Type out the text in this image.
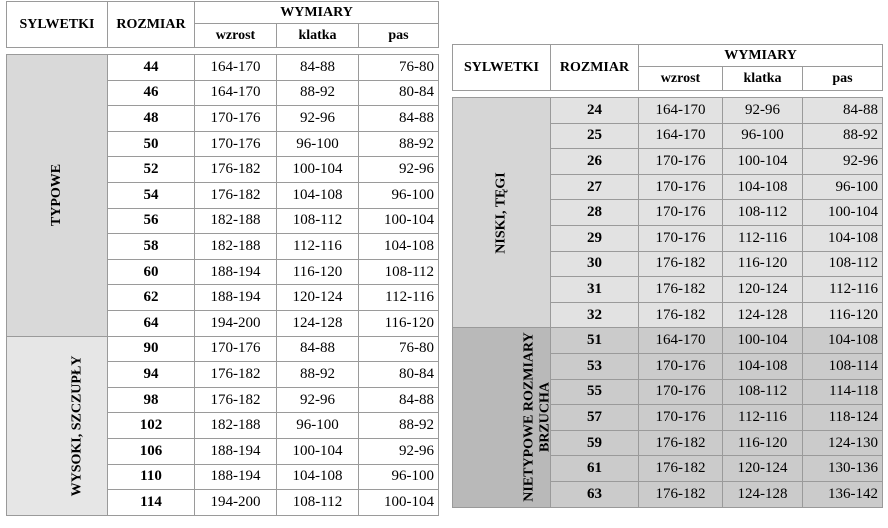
SYLWETKI	ROZMIAR	WYMIARY		
		wzrost	klatka	pas

TYPOWE	44	164-170	84-88	76-80
	46	164-170	88-92	80-84
	48	170-176	92-96	84-88
	50	170-176	96-100	88-92
	52	176-182	100-104	92-96
	54	176-182	104-108	96-100
	56	182-188	108-112	100-104
	58	182-188	112-116	104-108
	60	188-194	116-120	108-112
	62	188-194	120-124	112-116
	64	194-200	124-128	116-120
WYSOKI, SZCZUPŁY	90	170-176	84-88	76-80
	94	176-182	88-92	80-84
	98	176-182	92-96	84-88
	102	182-188	96-100	88-92
	106	188-194	100-104	92-96
	110	188-194	104-108	96-100
	114	194-200	108-112	100-104
SYLWETKI	ROZMIAR	WYMIARY		
		wzrost	klatka	pas

NISKI, TĘGI	24	164-170	92-96	84-88
	25	164-170	96-100	88-92
	26	170-176	100-104	92-96
	27	170-176	104-108	96-100
	28	170-176	108-112	100-104
	29	170-176	112-116	104-108
	30	176-182	116-120	108-112
	31	176-182	120-124	112-116
	32	176-182	124-128	116-120

NIETYPOWE ROZMIARY BRZUCHA	51	164-170	100-104	104-108
	53	170-176	104-108	108-114
	55	170-176	108-112	114-118
	57	170-176	112-116	118-124
	59	176-182	116-120	124-130
	61	176-182	120-124	130-136
	63	176-182	124-128	136-142
